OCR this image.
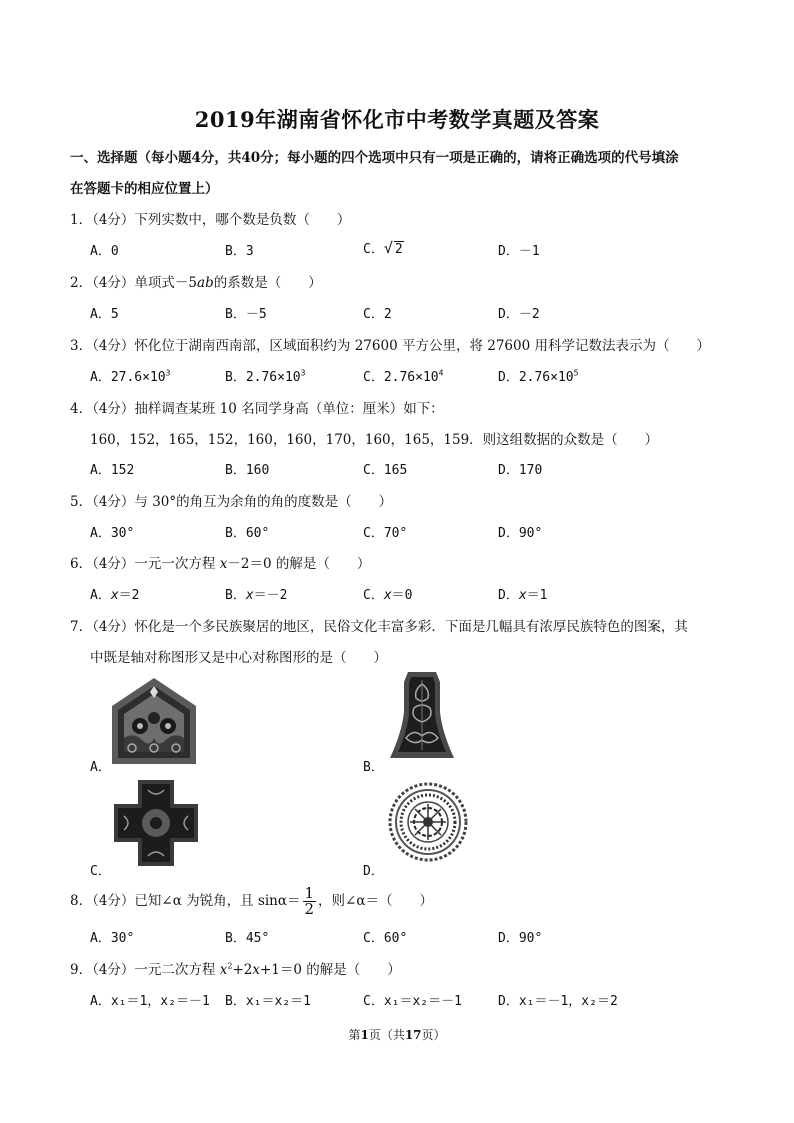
2019年湖南省怀化市中考数学真题及答案
一、选择题（每小题4分，共40分；每小题的四个选项中只有一项是正确的，请将正确选项的代号填涂
在答题卡的相应位置上）
1．（4分）下列实数中，哪个数是负数（　　）
A．0	B．3	C． √ 2	D．－1
2．（4分）单项式－5ab的系数是（　　）
A．5	B．－5	C．2	D．－2
3．（4分）怀化位于湖南西南部，区域面积约为 27600 平方公里，将 27600 用科学记数法表示为（　　）
A．$27.6\times 10^3$	B．$2.76\times 10^3$	C．$2.76\times 10^4$	D．$2.76\times 10^5$
4．（4分）抽样调查某班 10 名同学身高（单位：厘米）如下：
160，152，165，152，160，160，170，160，165，159．则这组数据的众数是（　　）
A．152	B．160	C．165	D．170
5．（4分）与 30°的角互为余角的角的度数是（　　）
A．30°	B．60°	C．70°	D．90°
6．（4分）一元一次方程 x－2＝0 的解是（　　）
A．x＝2	B．x＝－2	C．x＝0	D．x＝1
7．（4分）怀化是一个多民族聚居的地区，民俗文化丰富多彩．下面是几幅具有浓厚民族特色的图案，其
中既是轴对称图形又是中心对称图形的是（　　）
A．	B．
C．	D．
8．（4分）已知∠α 为锐角，且 $\sin\alpha= \frac{1}{2}$ ，则∠α＝（　　）
A．30°	B．45°	C．60°	D．90°
9．（4分）一元二次方程 $x^2+2x+1=0$ 的解是（　　）
A．x₁＝1，x₂＝－1 B．x₁＝x₂＝1	C．x₁＝x₂＝－1	D．x₁＝－1，x₂＝2
第1页（共17页）
